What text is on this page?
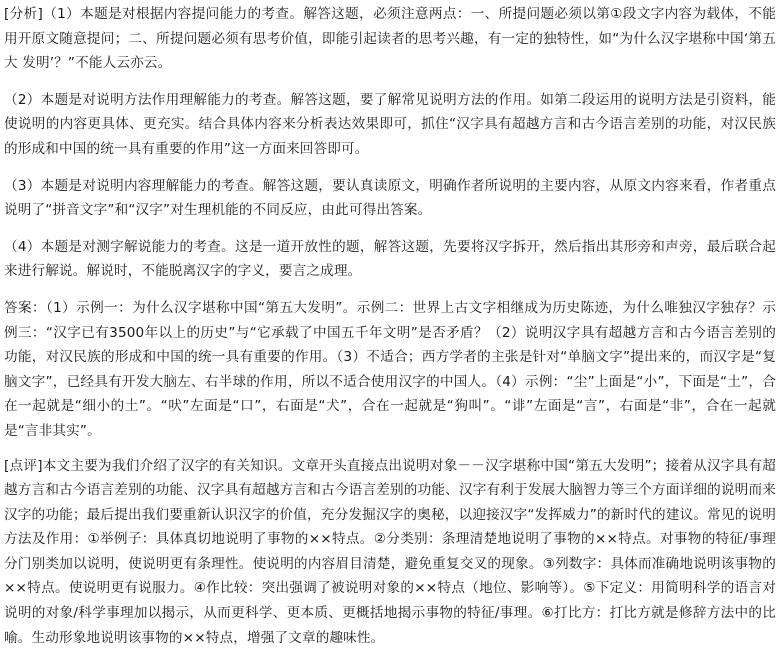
[分析]（1）本题是对根据内容提问能力的考查。解答这题，必须注意两点：一、所提问题必须以第①段文字内容为载体，不能用开原文随意提问；二、所提问题必须有思考价值，即能引起读者的思考兴趣，有一定的独特性，如“为什么汉字堪称中国‘第五大 发明’？”不能人云亦云。

（2）本题是对说明方法作用理解能力的考查。解答这题，要了解常见说明方法的作用。如第二段运用的说明方法是引资料，能使说明的内容更具体、更充实。结合具体内容来分析表达效果即可，抓住“汉字具有超越方言和古今语言差别的功能，对汉民族的形成和中国的统一具有重要的作用”这一方面来回答即可。

（3）本题是对说明内容理解能力的考查。解答这题，要认真读原文，明确作者所说明的主要内容，从原文内容来看，作者重点说明了“拼音文字”和“汉字”对生理机能的不同反应，由此可得出答案。

（4）本题是对测字解说能力的考查。这是一道开放性的题，解答这题，先要将汉字拆开，然后指出其形旁和声旁，最后联合起来进行解说。解说时，不能脱离汉字的字义，要言之成理。

答案：（1）示例一：为什么汉字堪称中国“第五大发明”。示例二：世界上古文字相继成为历史陈迹，为什么唯独汉字独存？示例三：“汉字已有3500年以上的历史”与“它承载了中国五千年文明”是否矛盾？（2）说明汉字具有超越方言和古今语言差别的功能，对汉民族的形成和中国的统一具有重要的作用。（3）不适合；西方学者的主张是针对“单脑文字”提出来的，而汉字是“复脑文字”，已经具有开发大脑左、右半球的作用，所以不适合使用汉字的中国人。（4）示例：“尘”上面是“小”，下面是“土”，合在一起就是“细小的土”。“吠”左面是“口”，右面是“犬”，合在一起就是“狗叫”。“诽”左面是“言”，右面是“非”，合在一起就是“言非其实”。

[点评]本文主要为我们介绍了汉字的有关知识。文章开头直接点出说明对象－－汉字堪称中国“第五大发明”；接着从汉字具有超越方言和古今语言差别的功能、汉字具有超越方言和古今语言差别的功能、汉字有利于发展大脑智力等三个方面详细的说明而来汉字的功能；最后提出我们要重新认识汉字的价值，充分发掘汉字的奥秘，以迎接汉字“发挥威力”的新时代的建议。常见的说明方法及作用：①举例子：具体真切地说明了事物的××特点。②分类别：条理清楚地说明了事物的××特点。对事物的特征/事理分门别类加以说明，使说明更有条理性。使说明的内容眉目清楚，避免重复交叉的现象。③列数字：具体而准确地说明该事物的××特点。使说明更有说服力。④作比较：突出强调了被说明对象的××特点（地位、影响等）。⑤下定义：用简明科学的语言对说明的对象/科学事理加以揭示，从而更科学、更本质、更概括地揭示事物的特征/事理。⑥打比方：打比方就是修辞方法中的比喻。生动形象地说明该事物的××特点，增强了文章的趣味性。
